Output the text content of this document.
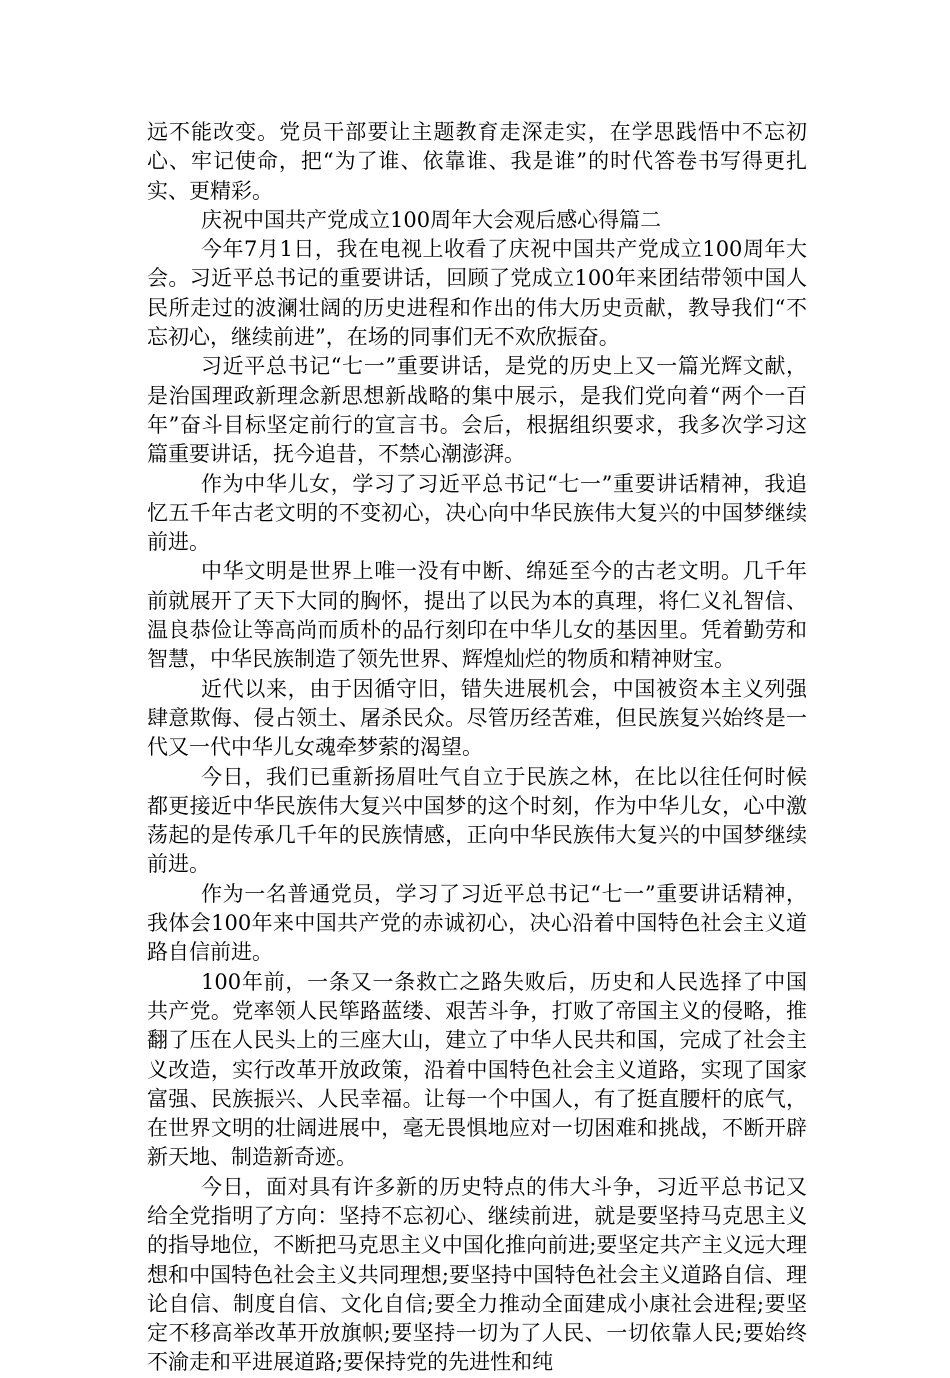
远不能改变。党员干部要让主题教育走深走实，在学思践悟中不忘初心、牢记使命，把“为了谁、依靠谁、我是谁”的时代答卷书写得更扎实、更精彩。

庆祝中国共产党成立100周年大会观后感心得篇二

今年7月1日，我在电视上收看了庆祝中国共产党成立100周年大会。习近平总书记的重要讲话，回顾了党成立100年来团结带领中国人民所走过的波澜壮阔的历史进程和作出的伟大历史贡献，教导我们“不忘初心，继续前进”，在场的同事们无不欢欣振奋。

习近平总书记“七一”重要讲话，是党的历史上又一篇光辉文献，是治国理政新理念新思想新战略的集中展示，是我们党向着“两个一百年”奋斗目标坚定前行的宣言书。会后，根据组织要求，我多次学习这篇重要讲话，抚今追昔，不禁心潮澎湃。

作为中华儿女，学习了习近平总书记“七一”重要讲话精神，我追忆五千年古老文明的不变初心，决心向中华民族伟大复兴的中国梦继续前进。

中华文明是世界上唯一没有中断、绵延至今的古老文明。几千年前就展开了天下大同的胸怀，提出了以民为本的真理，将仁义礼智信、温良恭俭让等高尚而质朴的品行刻印在中华儿女的基因里。凭着勤劳和智慧，中华民族制造了领先世界、辉煌灿烂的物质和精神财宝。

近代以来，由于因循守旧，错失进展机会，中国被资本主义列强肆意欺侮、侵占领土、屠杀民众。尽管历经苦难，但民族复兴始终是一代又一代中华儿女魂牵梦萦的渴望。

今日，我们已重新扬眉吐气自立于民族之林，在比以往任何时候都更接近中华民族伟大复兴中国梦的这个时刻，作为中华儿女，心中激荡起的是传承几千年的民族情感，正向中华民族伟大复兴的中国梦继续前进。

作为一名普通党员，学习了习近平总书记“七一”重要讲话精神，我体会100年来中国共产党的赤诚初心，决心沿着中国特色社会主义道路自信前进。

100年前，一条又一条救亡之路失败后，历史和人民选择了中国共产党。党率领人民筚路蓝缕、艰苦斗争，打败了帝国主义的侵略，推翻了压在人民头上的三座大山，建立了中华人民共和国，完成了社会主义改造，实行改革开放政策，沿着中国特色社会主义道路，实现了国家富强、民族振兴、人民幸福。让每一个中国人，有了挺直腰杆的底气，在世界文明的壮阔进展中，毫无畏惧地应对一切困难和挑战，不断开辟新天地、制造新奇迹。

今日，面对具有许多新的历史特点的伟大斗争，习近平总书记又给全党指明了方向：坚持不忘初心、继续前进，就是要坚持马克思主义的指导地位，不断把马克思主义中国化推向前进;要坚定共产主义远大理想和中国特色社会主义共同理想;要坚持中国特色社会主义道路自信、理论自信、制度自信、文化自信;要全力推动全面建成小康社会进程;要坚定不移高举改革开放旗帜;要坚持一切为了人民、一切依靠人民;要始终不渝走和平进展道路;要保持党的先进性和纯
